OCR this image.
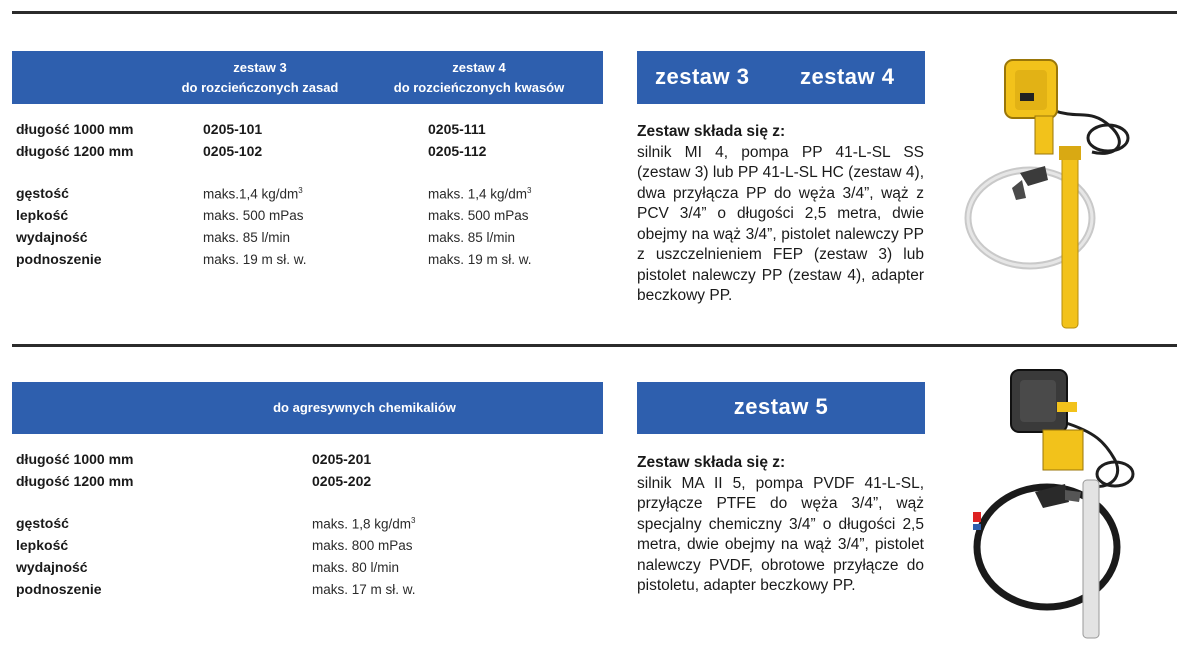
zestaw 3
do rozcieńczonych zasad
zestaw 4
do rozcieńczonych kwasów
długość 1000 mm
długość 1200 mm
gęstość
lepkość
wydajność
podnoszenie
0205-101
0205-102
maks.1,4 $kg/dm^3$
maks. 500 mPas
maks. 85 l/min
maks. 19 m sł. w.
0205-111
0205-112
maks. 1,4 $kg/dm^3$
maks. 500 mPas
maks. 85 l/min
maks. 19 m sł. w.
zestaw 3 zestaw 4
Zestaw składa się z:
silnik MI 4, pompa PP 41-L-SL SS (zestaw 3) lub PP 41-L-SL HC (zestaw 4), dwa przyłącza PP do węża 3/4”, wąż z PCV 3/4” o długości 2,5 metra, dwie obejmy na wąż 3/4”, pistolet nalewczy PP z uszczelnieniem FEP (zestaw 3) lub pistolet nalewczy PP (zestaw 4), adapter beczkowy PP.
do agresywnych chemikaliów
długość 1000 mm
długość 1200 mm
gęstość
lepkość
wydajność
podnoszenie
0205-201
0205-202
maks. 1,8 $kg/dm^3$
maks. 800 mPas
maks. 80 l/min
maks. 17 m sł. w.
zestaw 5
Zestaw składa się z:
silnik MA II 5, pompa PVDF 41-L-SL, przyłącze PTFE do węża 3/4”, wąż specjalny chemiczny 3/4” o długości 2,5 metra, dwie obejmy na wąż 3/4”, pistolet nalewczy PVDF, obrotowe przyłącze do pistoletu, adapter beczkowy PP.
